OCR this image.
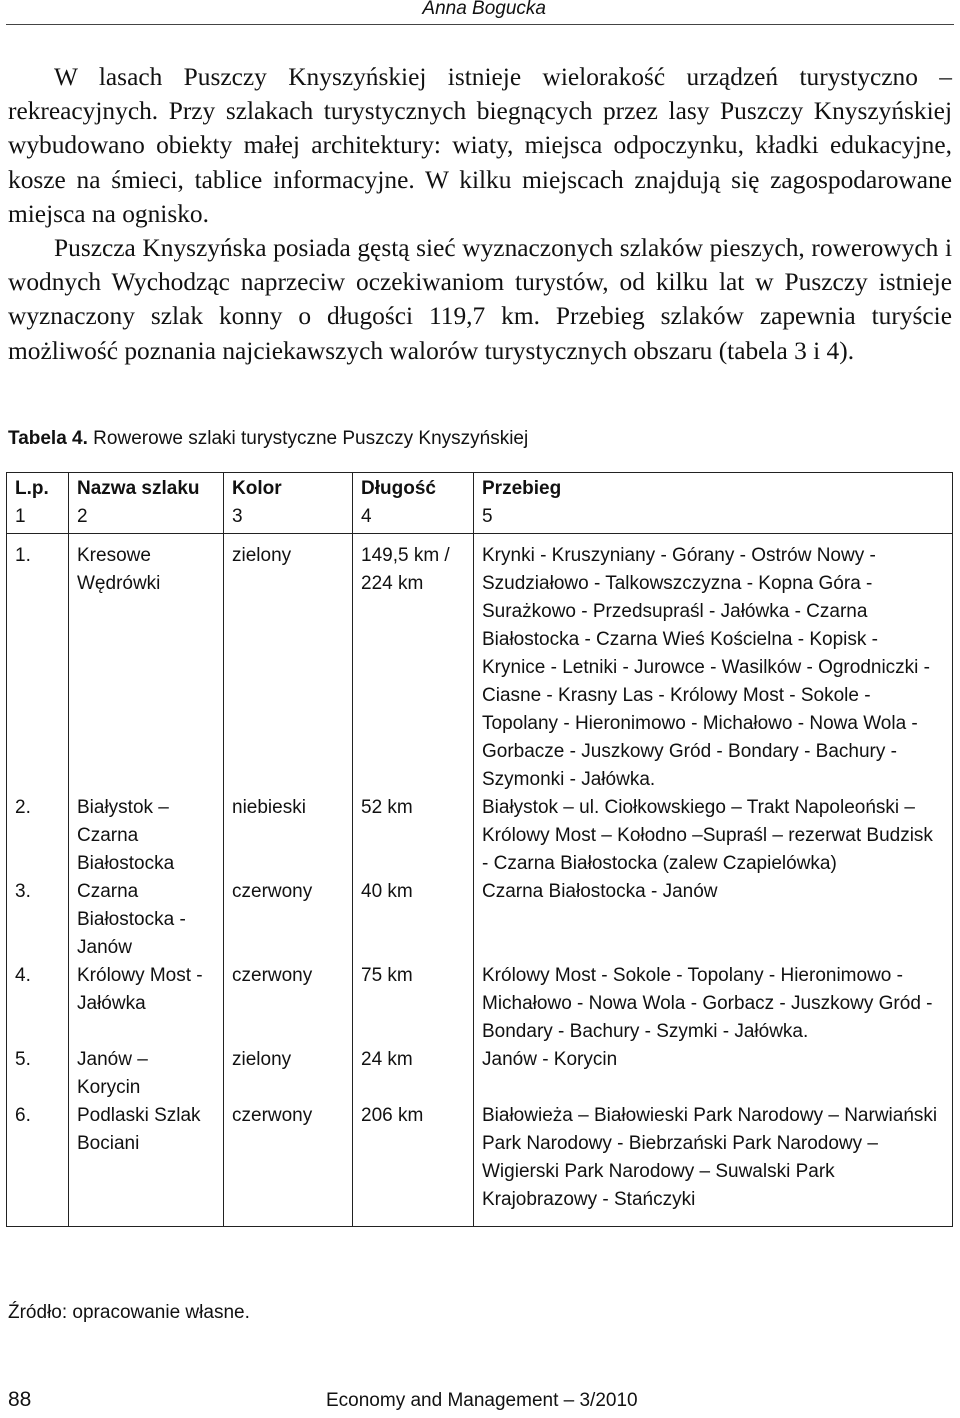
Anna Bogucka

W lasach Puszczy Knyszyńskiej istnieje wielorakość urządzeń turystyczno – rekreacyjnych. Przy szlakach turystycznych biegnących przez lasy Puszczy Knyszyńskiej wybudowano obiekty małej architektury: wiaty, miejsca odpoczynku, kładki edukacyjne, kosze na śmieci, tablice informacyjne. W kilku miejscach znajdują się zagospodarowane miejsca na ognisko.

Puszcza Knyszyńska posiada gęstą sieć wyznaczonych szlaków pieszych, rowerowych i wodnych Wychodząc naprzeciw oczekiwaniom turystów, od kilku lat w Puszczy istnieje wyznaczony szlak konny o długości 119,7 km. Przebieg szlaków zapewnia turyście możliwość poznania najciekawszych walorów turystycznych obszaru (tabela 3 i 4).

Tabela 4. Rowerowe szlaki turystyczne Puszczy Knyszyńskiej
L.p.	Nazwa szlaku	Kolor	Długość	Przebieg
1	2	3	4	5
1.	Kresowe Wędrówki	zielony	149,5 km / 224 km	Krynki - Kruszyniany - Górany - Ostrów Nowy - Szudziałowo - Talkowszczyzna - Kopna Góra - Surażkowo - Przedsupraśl - Jałówka - Czarna Białostocka - Czarna Wieś Kościelna - Kopisk - Krynice - Letniki - Jurowce - Wasilków - Ogrodniczki - Ciasne - Krasny Las - Królowy Most - Sokole - Topolany - Hieronimowo - Michałowo - Nowa Wola - Gorbacze - Juszkowy Gród - Bondary - Bachury - Szymonki - Jałówka.
2.	Białystok – Czarna Białostocka	niebieski	52 km	Białystok – ul. Ciołkowskiego – Trakt Napoleoński – Królowy Most – Kołodno –Supraśl – rezerwat Budzisk - Czarna Białostocka (zalew Czapielówka)
3.	Czarna Białostocka - Janów	czerwony	40 km	Czarna Białostocka - Janów
4.	Królowy Most - Jałówka	czerwony	75 km	Królowy Most - Sokole - Topolany - Hieronimowo - Michałowo - Nowa Wola - Gorbacz - Juszkowy Gród - Bondary - Bachury - Szymki - Jałówka.
5.	Janów – Korycin	zielony	24 km	Janów - Korycin
6.	Podlaski Szlak Bociani	czerwony	206 km	Białowieża – Białowieski Park Narodowy – Narwiański Park Narodowy - Biebrzański Park Narodowy – Wigierski Park Narodowy – Suwalski Park Krajobrazowy - Stańczyki
Źródło: opracowanie własne.
88	Economy and Management – 3/2010
